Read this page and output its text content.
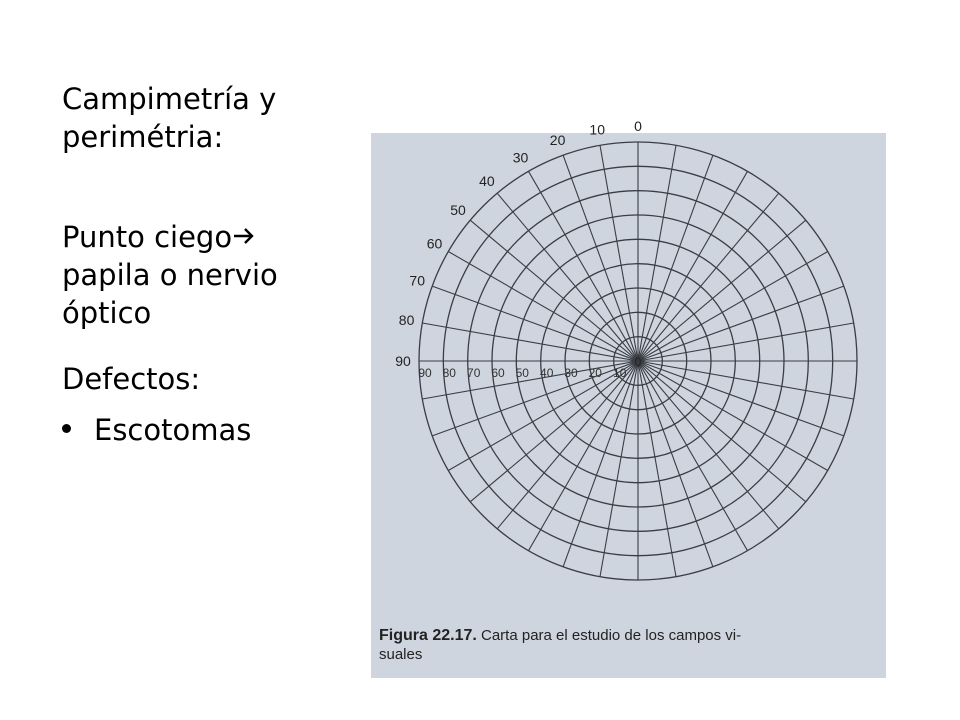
Campimetría y perimétria:

Punto ciego
papila o nervio óptico

Defectos:

Escotomas
0
10
20
30
40
50
60
70
80
90
90 80 70 60 50 40 30 20 10
0
Figura 22.17. Carta para el estudio de los campos vi-
suales
